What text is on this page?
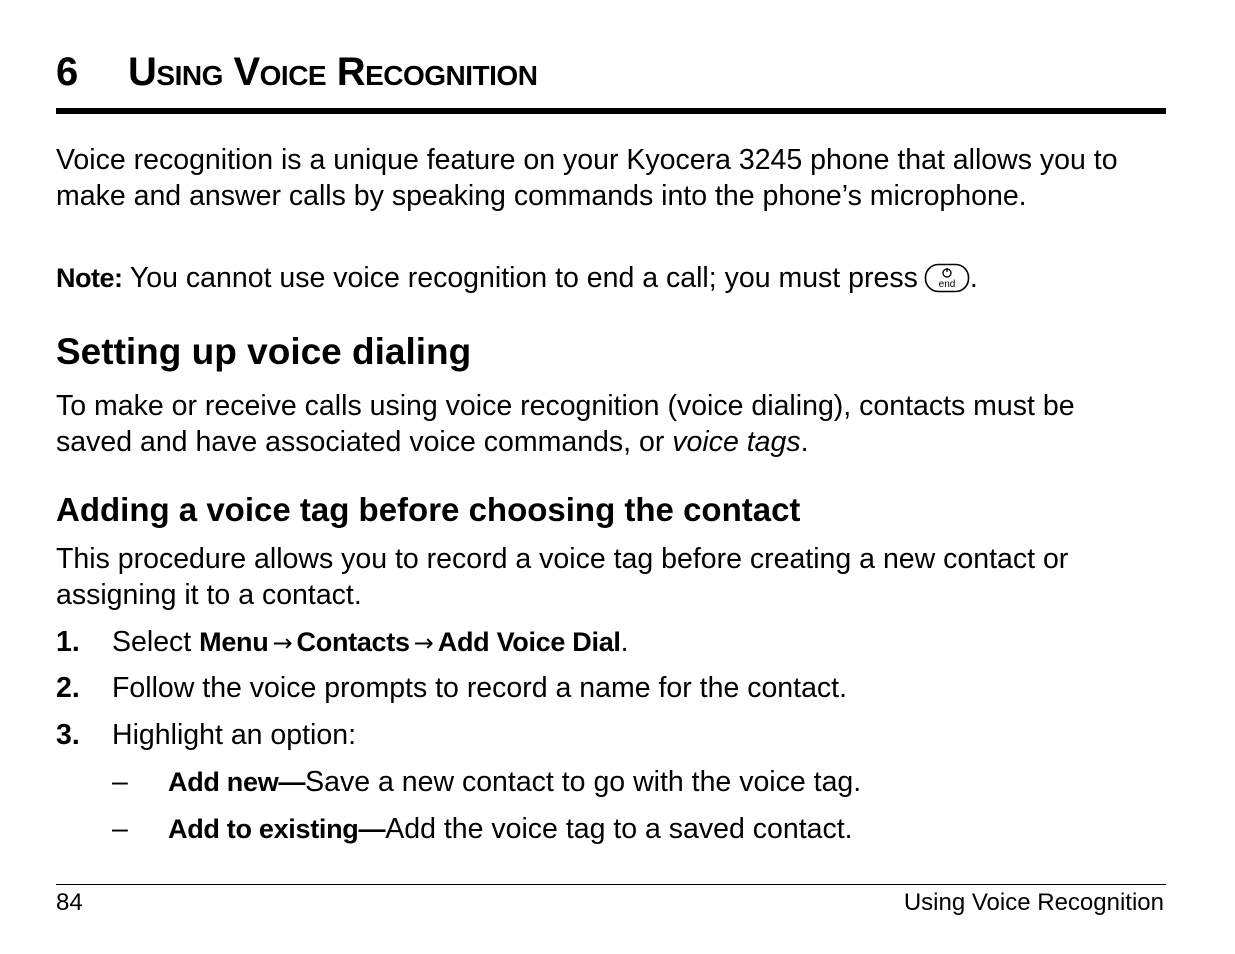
6 Using Voice Recognition

Voice recognition is a unique feature on your Kyocera 3245 phone that allows you to make and answer calls by speaking commands into the phone’s microphone.

Note: You cannot use voice recognition to end a call; you must press end .

Setting up voice dialing

To make or receive calls using voice recognition (voice dialing), contacts must be saved and have associated voice commands, or voice tags.

Adding a voice tag before choosing the contact

This procedure allows you to record a voice tag before creating a new contact or assigning it to a contact.

1. Select Menu → Contacts → Add Voice Dial.
2. Follow the voice prompts to record a name for the contact.
3. Highlight an option:
– Add new—Save a new contact to go with the voice tag.
– Add to existing—Add the voice tag to a saved contact.
84	Using Voice Recognition
